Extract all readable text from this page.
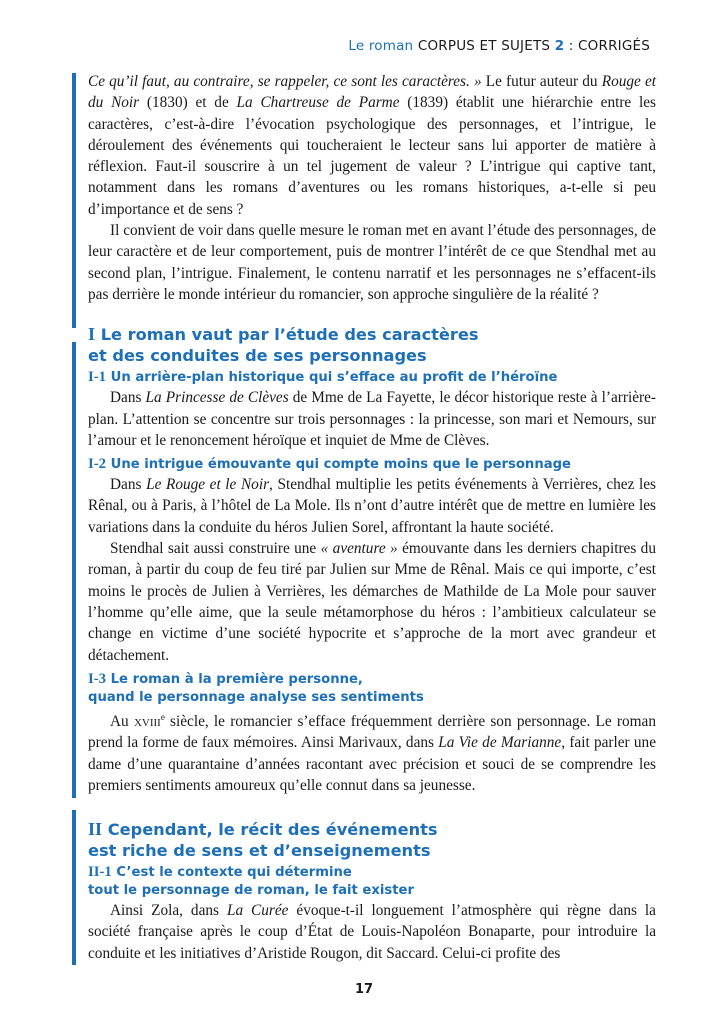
Le roman CORPUS ET SUJETS 2 : CORRIGÉS

Ce qu’il faut, au contraire, se rappeler, ce sont les caractères. » Le futur auteur du Rouge et du Noir (1830) et de La Chartreuse de Parme (1839) établit une hiérarchie entre les caractères, c’est-à-dire l’évocation psychologique des personnages, et l’intrigue, le déroulement des événements qui toucheraient le lecteur sans lui apporter de matière à réflexion. Faut-il souscrire à un tel jugement de valeur ? L’intrigue qui captive tant, notamment dans les romans d’aventures ou les romans historiques, a-t-elle si peu d’importance et de sens ?

Il convient de voir dans quelle mesure le roman met en avant l’étude des personnages, de leur caractère et de leur comportement, puis de montrer l’intérêt de ce que Stendhal met au second plan, l’intrigue. Finalement, le contenu narratif et les personnages ne s’effacent-ils pas derrière le monde intérieur du romancier, son approche singulière de la réalité ?

I Le roman vaut par l’étude des caractères
et des conduites de ses personnages
I-1 Un arrière-plan historique qui s’efface au profit de l’héroïne

Dans La Princesse de Clèves de Mme de La Fayette, le décor historique reste à l’arrière-plan. L’attention se concentre sur trois personnages : la princesse, son mari et Nemours, sur l’amour et le renoncement héroïque et inquiet de Mme de Clèves.

I-2 Une intrigue émouvante qui compte moins que le personnage

Dans Le Rouge et le Noir, Stendhal multiplie les petits événements à Verrières, chez les Rênal, ou à Paris, à l’hôtel de La Mole. Ils n’ont d’autre intérêt que de mettre en lumière les variations dans la conduite du héros Julien Sorel, affrontant la haute société.

Stendhal sait aussi construire une « aventure » émouvante dans les derniers chapitres du roman, à partir du coup de feu tiré par Julien sur Mme de Rênal. Mais ce qui importe, c’est moins le procès de Julien à Verrières, les démarches de Mathilde de La Mole pour sauver l’homme qu’elle aime, que la seule métamorphose du héros : l’ambitieux calculateur se change en victime d’une société hypocrite et s’approche de la mort avec grandeur et détachement.

I-3 Le roman à la première personne,
quand le personnage analyse ses sentiments

Au xviii$^e$ siècle, le romancier s’efface fréquemment derrière son personnage. Le roman prend la forme de faux mémoires. Ainsi Marivaux, dans La Vie de Marianne, fait parler une dame d’une quarantaine d’années racontant avec précision et souci de se comprendre les premiers sentiments amoureux qu’elle connut dans sa jeunesse.

II Cependant, le récit des événements
est riche de sens et d’enseignements
II-1 C’est le contexte qui détermine
tout le personnage de roman, le fait exister

Ainsi Zola, dans La Curée évoque-t-il longuement l’atmosphère qui règne dans la société française après le coup d’État de Louis-Napoléon Bonaparte, pour introduire la conduite et les initiatives d’Aristide Rougon, dit Saccard. Celui-ci profite des

17
